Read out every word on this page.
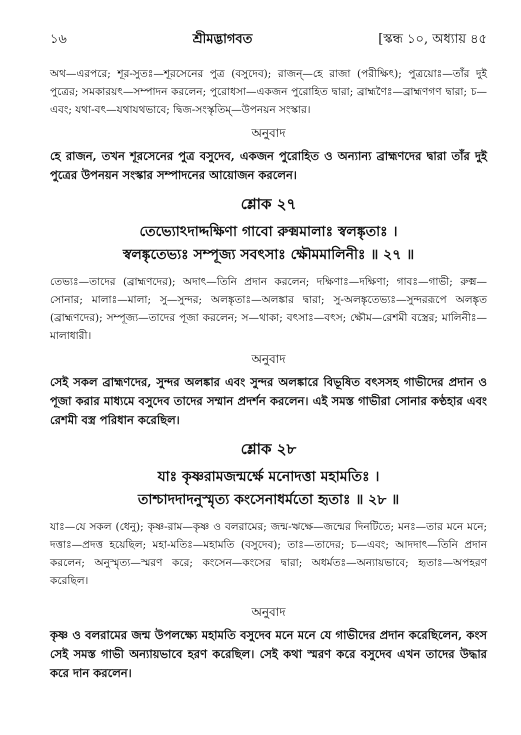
১৬	শ্রীমদ্ভাগবত	[স্কন্ধ ১০, অধ্যায় ৪৫

অথ—এরপরে; শূর-সুতঃ—শূরসেনের পুত্র (বসুদেব); রাজন্—হে রাজা (পরীক্ষিৎ); পুত্রয়োঃ—তাঁর দুই পুত্রের; সমকারয়ৎ—সম্পাদন করলেন; পুরোধসা—একজন পুরোহিত দ্বারা; ব্রাহ্মণৈঃ—ব্রাহ্মণগণ দ্বারা; চ—এবং; যথা-বৎ—যথাযথভাবে; দ্বিজ-সংস্কৃতিম্—উপনয়ন সংস্কার।

অনুবাদ

হে রাজন, তখন শূরসেনের পুত্র বসুদেব, একজন পুরোহিত ও অন্যান্য ব্রাহ্মণদের দ্বারা তাঁর দুই পুত্রের উপনয়ন সংস্কার সম্পাদনের আয়োজন করলেন।

শ্লোক ২৭
তেভ্যোঽদাদ্দক্ষিণা গাবো রুক্মমালাঃ স্বলঙ্কৃতাঃ ।
স্বলঙ্কৃতেভ্যঃ সম্পূজ্য সবৎসাঃ ক্ষৌমমালিনীঃ ॥ ২৭ ॥

তেভ্যঃ—তাদের (ব্রাহ্মণদের); অদাৎ—তিনি প্রদান করলেন; দক্ষিণাঃ—দক্ষিণা; গাবঃ—গাভী; রুক্ম—সোনার; মালাঃ—মালা; সু—সুন্দর; অলঙ্কৃতাঃ—অলঙ্কার দ্বারা; সু-অলঙ্কৃতেভ্যঃ—সুন্দররূপে অলঙ্কৃত (ব্রাহ্মণদের); সম্পূজ্য—তাদের পূজা করলেন; স—থাকা; বৎসাঃ—বৎস; ক্ষৌম—রেশমী বস্ত্রের; মালিনীঃ—মালাধারী।

অনুবাদ

সেই সকল ব্রাহ্মণদের, সুন্দর অলঙ্কার এবং সুন্দর অলঙ্কারে বিভূষিত বৎসসহ গাভীদের প্রদান ও পূজা করার মাধ্যমে বসুদেব তাদের সম্মান প্রদর্শন করলেন। এই সমস্ত গাভীরা সোনার কণ্ঠহার এবং রেশমী বস্ত্র পরিধান করেছিল।

শ্লোক ২৮
যাঃ কৃষ্ণরামজন্মর্ক্ষে মনোদত্তা মহামতিঃ ।
তাশ্চাদদাদনুস্মৃত্য কংসেনাধর্মতো হৃতাঃ ॥ ২৮ ॥

যাঃ—যে সকল (ধেনু); কৃষ্ণ-রাম—কৃষ্ণ ও বলরামের; জন্ম-ঋক্ষে—জন্মের দিনটিতে; মনঃ—তার মনে মনে; দত্তাঃ—প্রদত্ত হয়েছিল; মহা-মতিঃ—মহামতি (বসুদেব); তাঃ—তাদের; চ—এবং; আদদাৎ—তিনি প্রদান করলেন; অনুস্মৃত্য—স্মরণ করে; কংসেন—কংসের দ্বারা; অধর্মতঃ—অন্যায়ভাবে; হৃতাঃ—অপহরণ করেছিল।

অনুবাদ

কৃষ্ণ ও বলরামের জন্ম উপলক্ষ্যে মহামতি বসুদেব মনে মনে যে গাভীদের প্রদান করেছিলেন, কংস সেই সমস্ত গাভী অন্যায়ভাবে হরণ করেছিল। সেই কথা স্মরণ করে বসুদেব এখন তাদের উদ্ধার করে দান করলেন।
